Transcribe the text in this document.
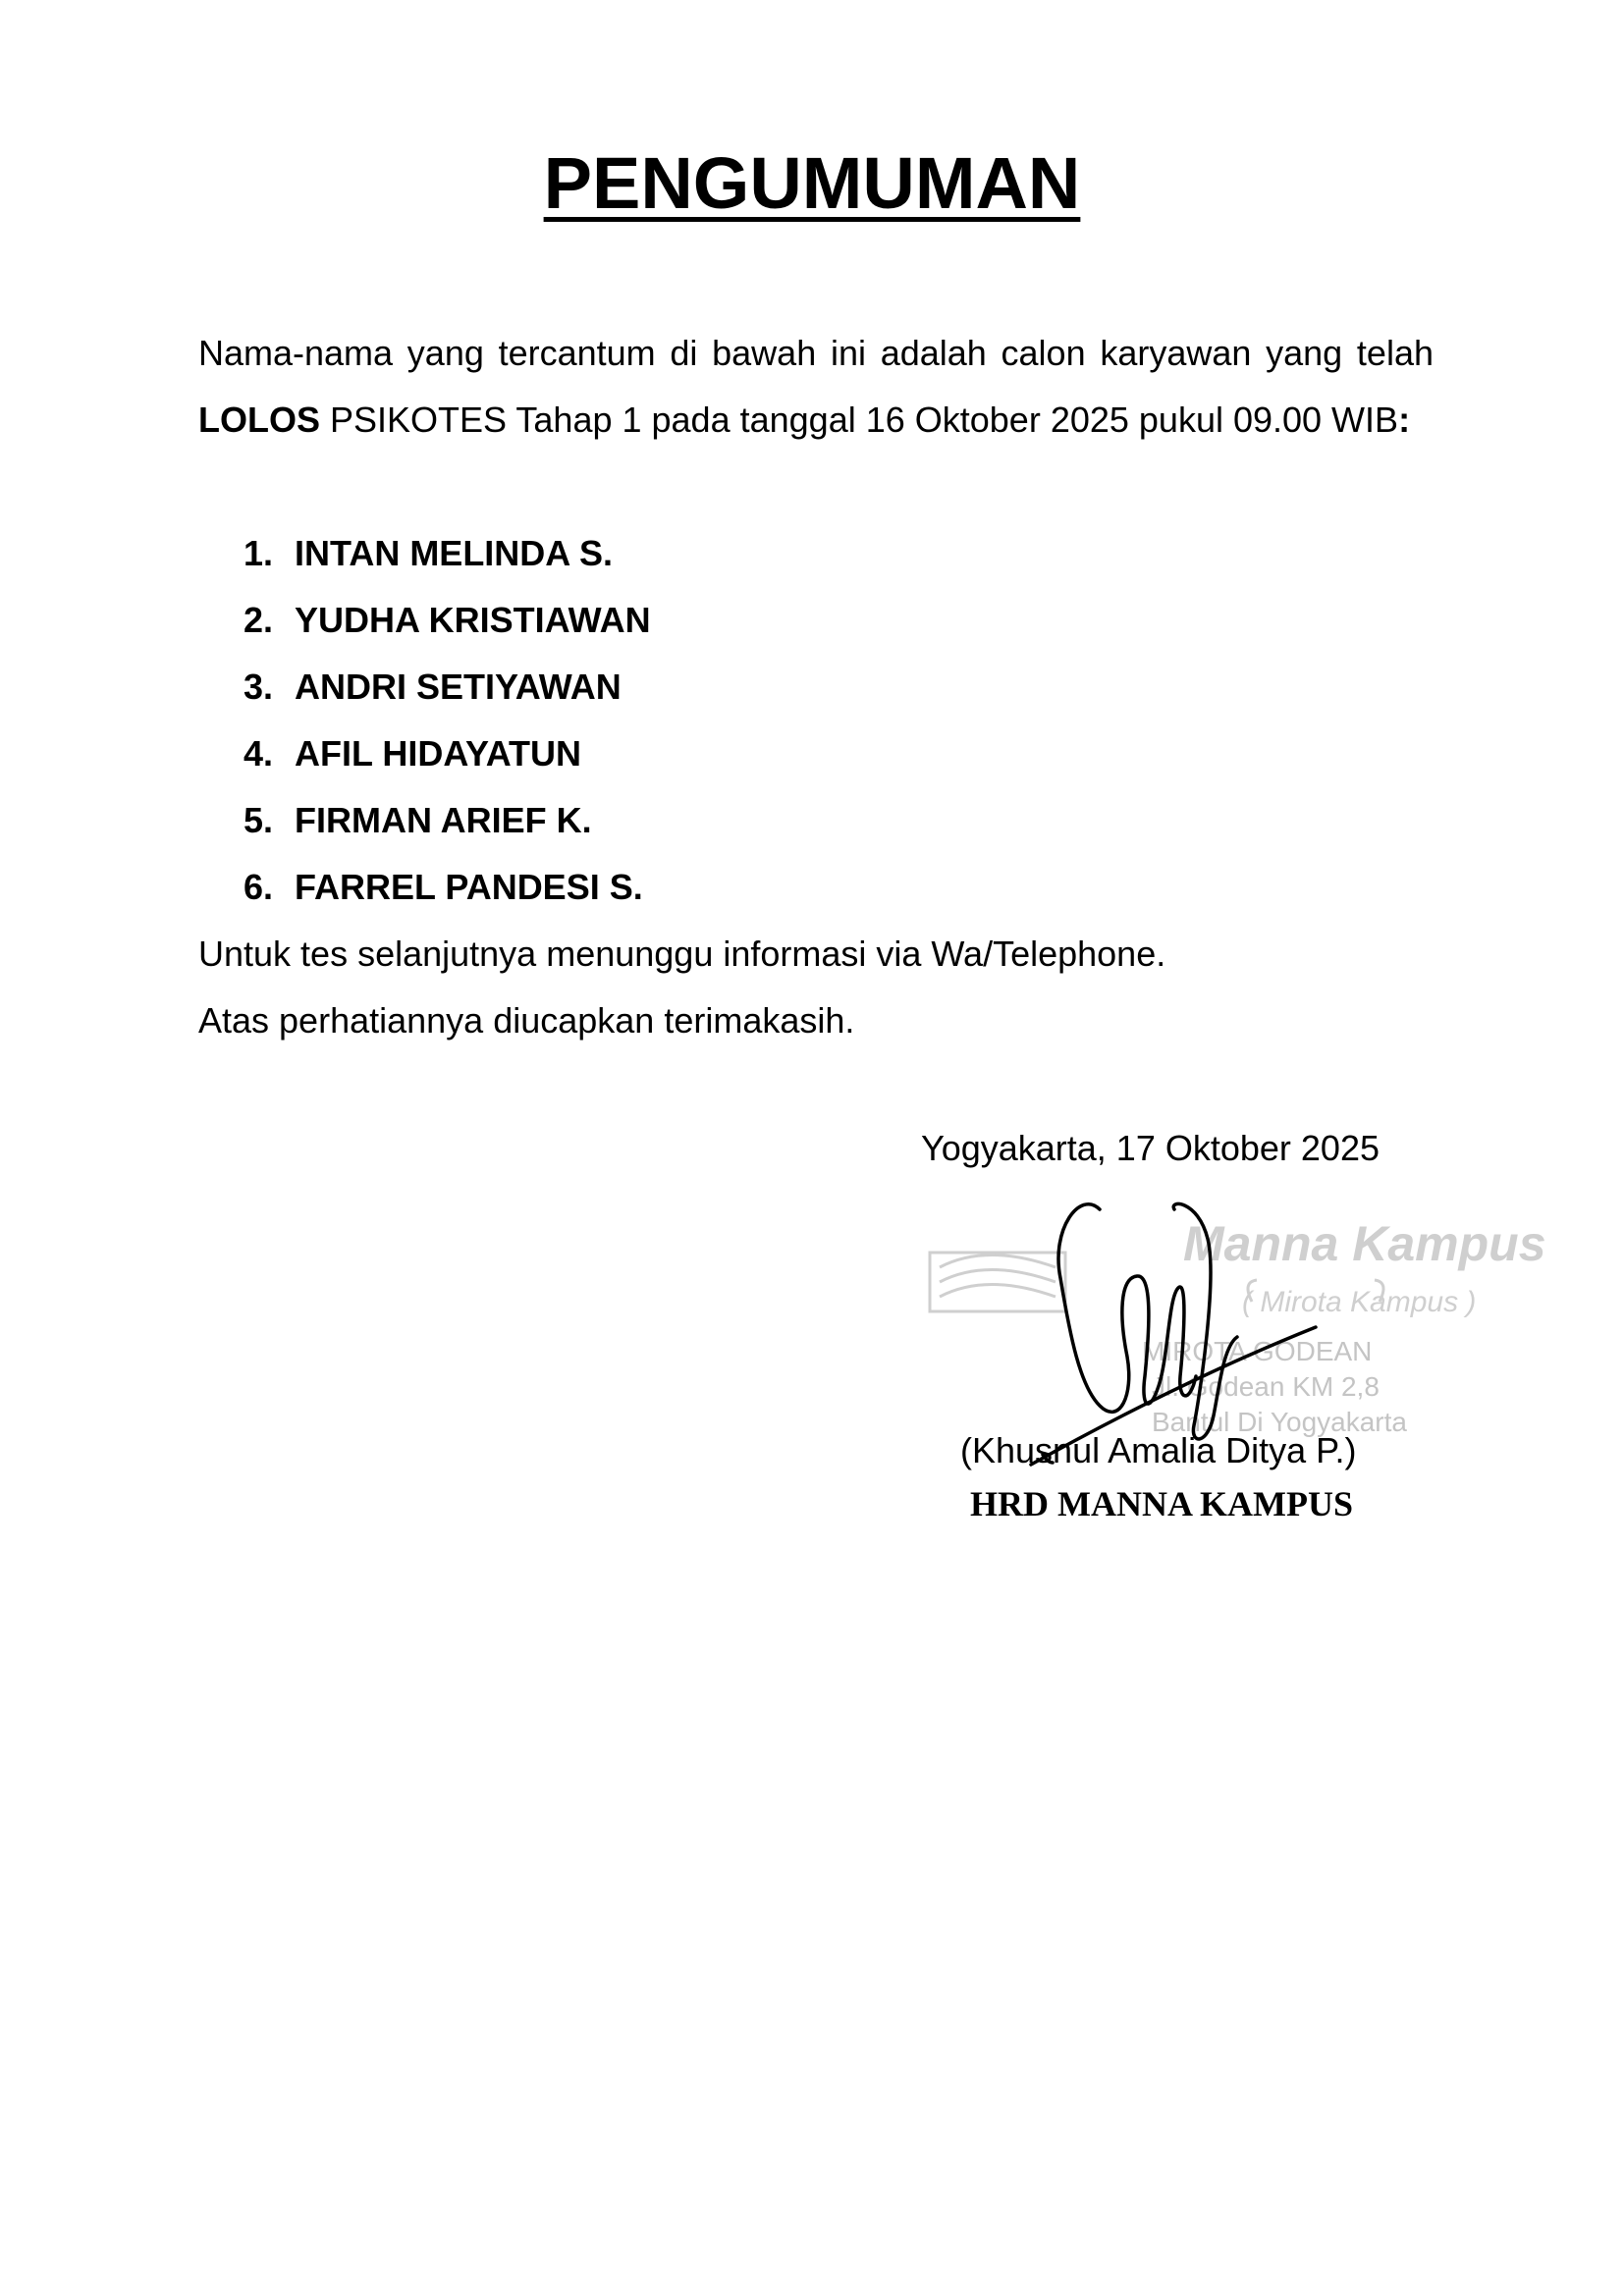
PENGUMUMAN

Nama-nama yang tercantum di bawah ini adalah calon karyawan yang telah LOLOS PSIKOTES Tahap 1 pada tanggal 16 Oktober 2025 pukul 09.00 WIB:

1. INTAN MELINDA S.
2. YUDHA KRISTIAWAN
3. ANDRI SETIYAWAN
4. AFIL HIDAYATUN
5. FIRMAN ARIEF K.
6. FARREL PANDESI S.

Untuk tes selanjutnya menunggu informasi via Wa/Telephone.

Atas perhatiannya diucapkan terimakasih.

Yogyakarta, 17 Oktober 2025
Manna Kampus
( Mirota Kampus )
MIROTA GODEAN
Jl. Godean KM 2,8
Bantul Di Yogyakarta
(Khusnul Amalia Ditya P.)
HRD MANNA KAMPUS
